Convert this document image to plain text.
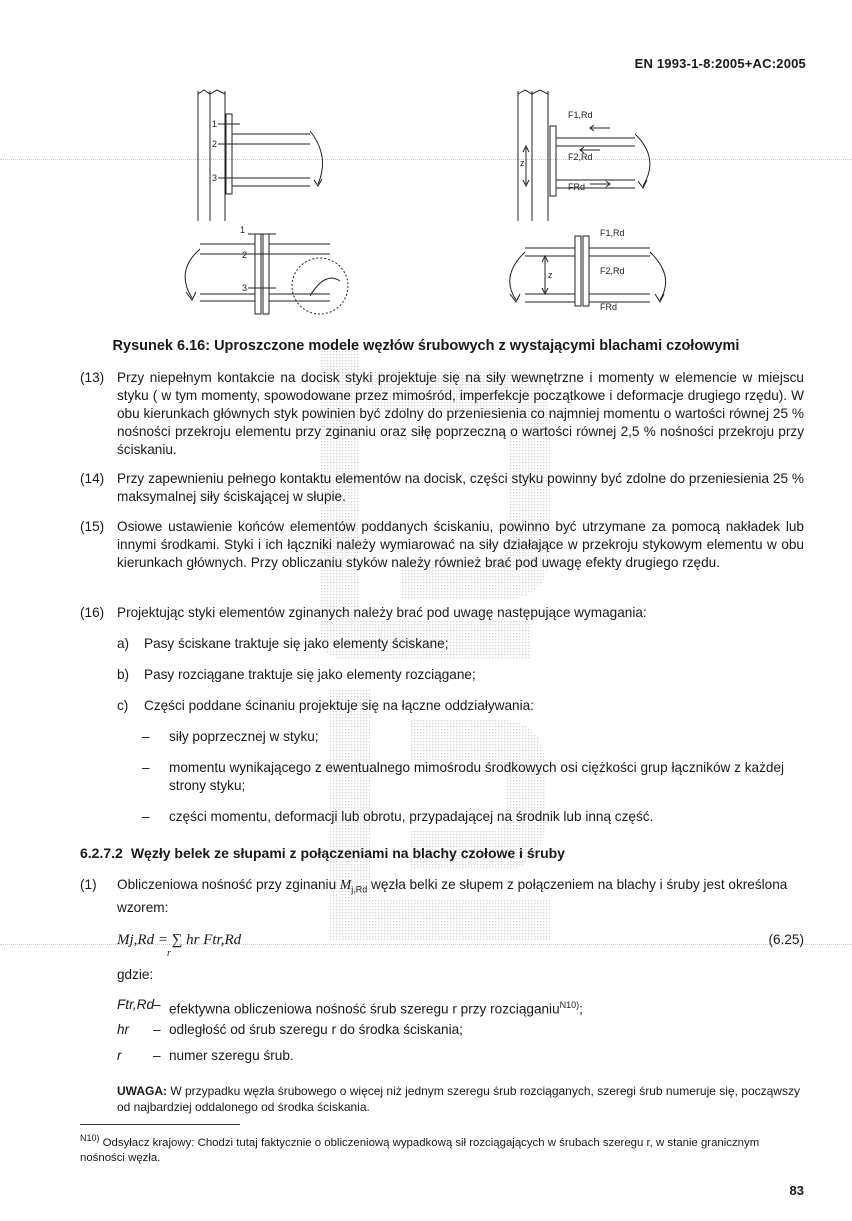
EN 1993-1-8:2005+AC:2005
1
2
3
1
2
3
z
F1,Rd
F2,Rd
FRd
z
F1,Rd
F2,Rd
FRd
Rysunek 6.16: Uproszczone modele węzłów śrubowych z wystającymi blachami czołowymi
(13) Przy niepełnym kontakcie na docisk styki projektuje się na siły wewnętrzne i momenty w elemencie w miejscu styku ( w tym momenty, spowodowane przez mimośród, imperfekcje początkowe i deformacje drugiego rzędu). W obu kierunkach głównych styk powinien być zdolny do przeniesienia co najmniej momentu o wartości równej 25 % nośności przekroju elementu przy zginaniu oraz siłę poprzeczną o wartości równej 2,5 % nośności przekroju przy ściskaniu.
(14) Przy zapewnieniu pełnego kontaktu elementów na docisk, części styku powinny być zdolne do przeniesienia 25 % maksymalnej siły ściskającej w słupie.
(15) Osiowe ustawienie końców elementów poddanych ściskaniu, powinno być utrzymane za pomocą nakładek lub innymi środkami. Styki i ich łączniki należy wymiarować na siły działające w przekroju stykowym elementu w obu kierunkach głównych. Przy obliczaniu styków należy również brać pod uwagę efekty drugiego rzędu.
(16) Projektując styki elementów zginanych należy brać pod uwagę następujące wymagania:
a) Pasy ściskane traktuje się jako elementy ściskane;
b) Pasy rozciągane traktuje się jako elementy rozciągane;
c) Części poddane ścinaniu projektuje się na łączne oddziaływania:
– siły poprzecznej w styku;
– momentu wynikającego z ewentualnego mimośrodu środkowych osi ciężkości grup łączników z każdej strony styku;
– części momentu, deformacji lub obrotu, przypadającej na środnik lub inną część.
6.2.7.2 Węzły belek ze słupami z połączeniami na blachy czołowe i śruby
(1) Obliczeniowa nośność przy zginaniu $M_{j,Rd}$ węzła belki ze słupem z połączeniem na blachy i śruby jest określona wzorem:
Mj,Rd = ∑ hr Ftr,Rd
r
(6.25)
gdzie:
Ftr,Rd
– efektywna obliczeniowa nośność śrub szeregu r przy rozciąganiu$^{N10)}$;
hr – odległość od śrub szeregu r do środka ściskania;
r – numer szeregu śrub.
UWAGA: W przypadku węzła śrubowego o więcej niż jednym szeregu śrub rozciąganych, szeregi śrub numeruje się, począwszy od najbardziej oddalonego od środka ściskania.
$^{N10)}$ Odsyłacz krajowy: Chodzi tutaj faktycznie o obliczeniową wypadkową sił rozciągających w śrubach szeregu r, w stanie granicznym nośności węzła.
83
